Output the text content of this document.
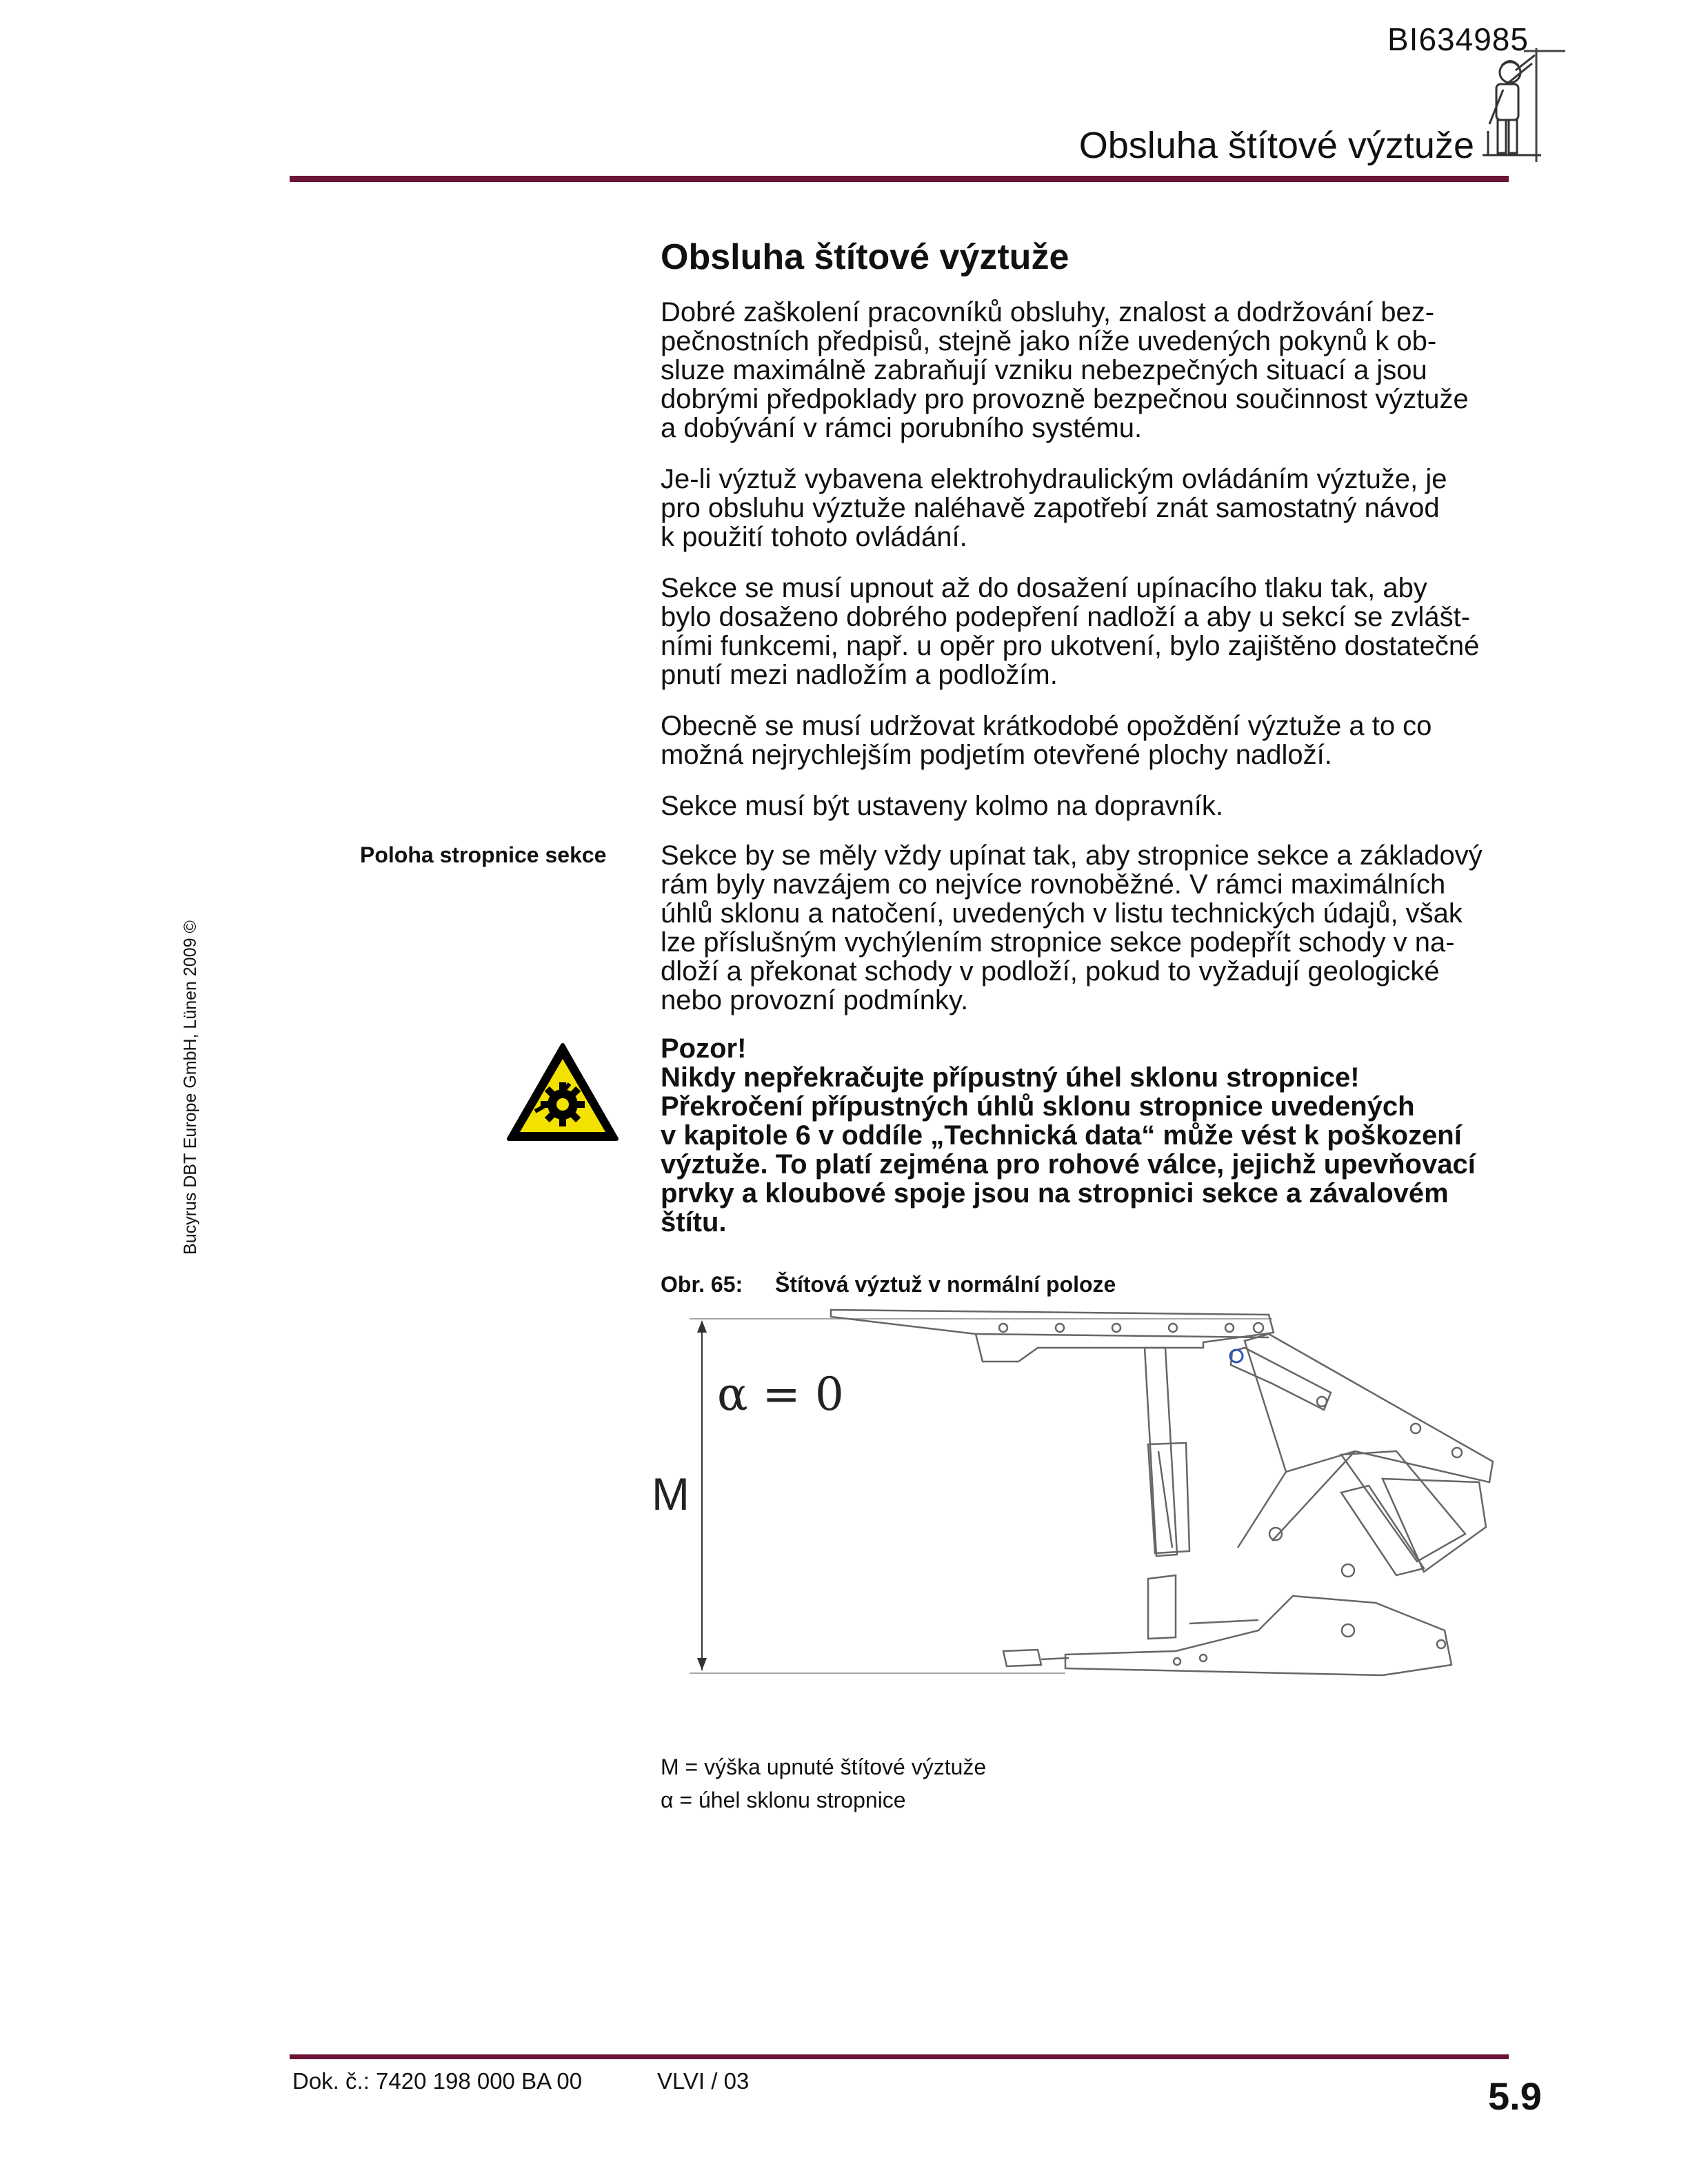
BI634985
Obsluha štítové výztuže
Bucyrus DBT Europe GmbH, Lünen 2009 ©
Obsluha štítové výztuže

Dobré zaškolení pracovníků obsluhy, znalost a dodržování bez-
pečnostních předpisů, stejně jako níže uvedených pokynů k ob-
sluze maximálně zabraňují vzniku nebezpečných situací a jsou
dobrými předpoklady pro provozně bezpečnou součinnost výztuže
a dobývání v rámci porubního systému.

Je-li výztuž vybavena elektrohydraulickým ovládáním výztuže, je
pro obsluhu výztuže naléhavě zapotřebí znát samostatný návod
k použití tohoto ovládání.

Sekce se musí upnout až do dosažení upínacího tlaku tak, aby
bylo dosaženo dobrého podepření nadloží a aby u sekcí se zvlášt-
ními funkcemi, např. u opěr pro ukotvení, bylo zajištěno dostatečné
pnutí mezi nadložím a podložím.

Obecně se musí udržovat krátkodobé opoždění výztuže a to co
možná nejrychlejším podjetím otevřené plochy nadloží.

Sekce musí být ustaveny kolmo na dopravník.

Poloha stropnice sekce Sekce by se měly vždy upínat tak, aby stropnice sekce a základový
rám byly navzájem co nejvíce rovnoběžné. V rámci maximálních
úhlů sklonu a natočení, uvedených v listu technických údajů, však
lze příslušným vychýlením stropnice sekce podepřít schody v na-
dloží a překonat schody v podloží, pokud to vyžadují geologické
nebo provozní podmínky.

Pozor!
Nikdy nepřekračujte přípustný úhel sklonu stropnice!
Překročení přípustných úhlů sklonu stropnice uvedených
v kapitole 6 v oddíle „Technická data“ může vést k poškození
výztuže. To platí zejména pro rohové válce, jejichž upevňovací
prvky a kloubové spoje jsou na stropnici sekce a závalovém
štítu.
Obr. 65: Štítová výztuž v normální poloze
α = 0
M
M = výška upnuté štítové výztuže
α = úhel sklonu stropnice
Dok. č.: 7420 198 000 BA 00	VLVI / 03	5.9
